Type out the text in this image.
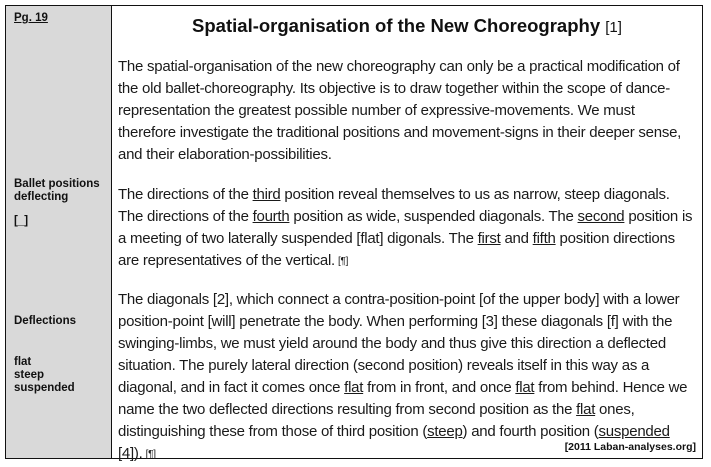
Pg. 19
Ballet positions
deflecting
[_]
Deflections
flat
steep
suspended
Spatial-organisation of the New Choreography [1]
The spatial-organisation of the new choreography can only be a practical modification of the old ballet-choreography. Its objective is to draw together within the scope of dance-representation the greatest possible number of expressive-movements. We must therefore investigate the traditional positions and movement-signs in their deeper sense, and their elaboration-possibilities.
The directions of the third position reveal themselves to us as narrow, steep diagonals. The directions of the fourth position as wide, suspended diagonals. The second position is a meeting of two laterally suspended [flat] digonals. The first and fifth position directions are representatives of the vertical. [¶]
The diagonals [2], which connect a contra-position-point [of the upper body] with a lower position-point [will] penetrate the body. When performing [3] these diagonals [f] with the swinging-limbs, we must yield around the body and thus give this direction a deflected situation. The purely lateral direction (second position) reveals itself in this way as a diagonal, and in fact it comes once flat from in front, and once flat from behind. Hence we name the two deflected directions resulting from second position as the flat ones, distinguishing these from those of third position (steep) and fourth position (suspended [4]). [¶]
[2011 Laban-analyses.org]
